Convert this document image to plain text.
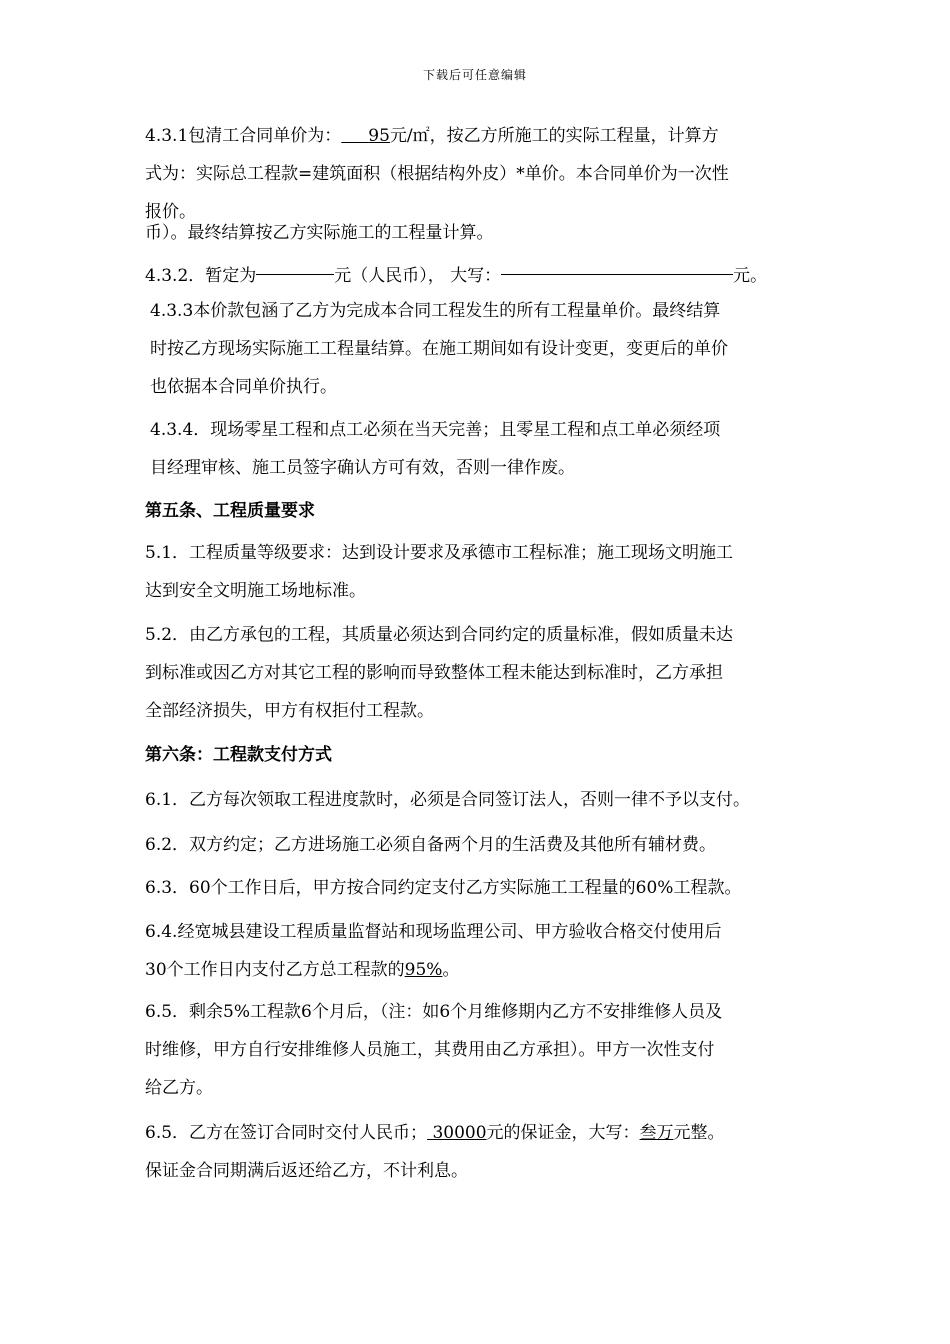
下载后可任意编辑
4.3.1包清工合同单价为： 95元/㎡，按乙方所施工的实际工程量，计算方
式为：实际总工程款=建筑面积（根据结构外皮）*单价。本合同单价为一次性
报价。
币）。最终结算按乙方实际施工的工程量计算。
4.3.2．暂定为	元（人民币）， 大写：	元。
4.3.3本价款包涵了乙方为完成本合同工程发生的所有工程量单价。最终结算
时按乙方现场实际施工工程量结算。在施工期间如有设计变更，变更后的单价
也依据本合同单价执行。
4.3.4．现场零星工程和点工必须在当天完善；且零星工程和点工单必须经项
目经理审核、施工员签字确认方可有效，否则一律作废。
第五条、工程质量要求
5.1．工程质量等级要求：达到设计要求及承德市工程标准；施工现场文明施工
达到安全文明施工场地标准。
5.2．由乙方承包的工程，其质量必须达到合同约定的质量标准，假如质量未达
到标准或因乙方对其它工程的影响而导致整体工程未能达到标准时，乙方承担
全部经济损失，甲方有权拒付工程款。
第六条：工程款支付方式
6.1．乙方每次领取工程进度款时，必须是合同签订法人，否则一律不予以支付。
6.2．双方约定；乙方进场施工必须自备两个月的生活费及其他所有辅材费。
6.3．60个工作日后，甲方按合同约定支付乙方实际施工工程量的60%工程款。
6.4.经宽城县建设工程质量监督站和现场监理公司、甲方验收合格交付使用后
30个工作日内支付乙方总工程款的95%。
6.5．剩余5%工程款6个月后，（注：如6个月维修期内乙方不安排维修人员及
时维修，甲方自行安排维修人员施工，其费用由乙方承担）。甲方一次性支付
给乙方。
6.5．乙方在签订合同时交付人民币； 30000元的保证金，大写：叁万元整。
保证金合同期满后返还给乙方，不计利息。
